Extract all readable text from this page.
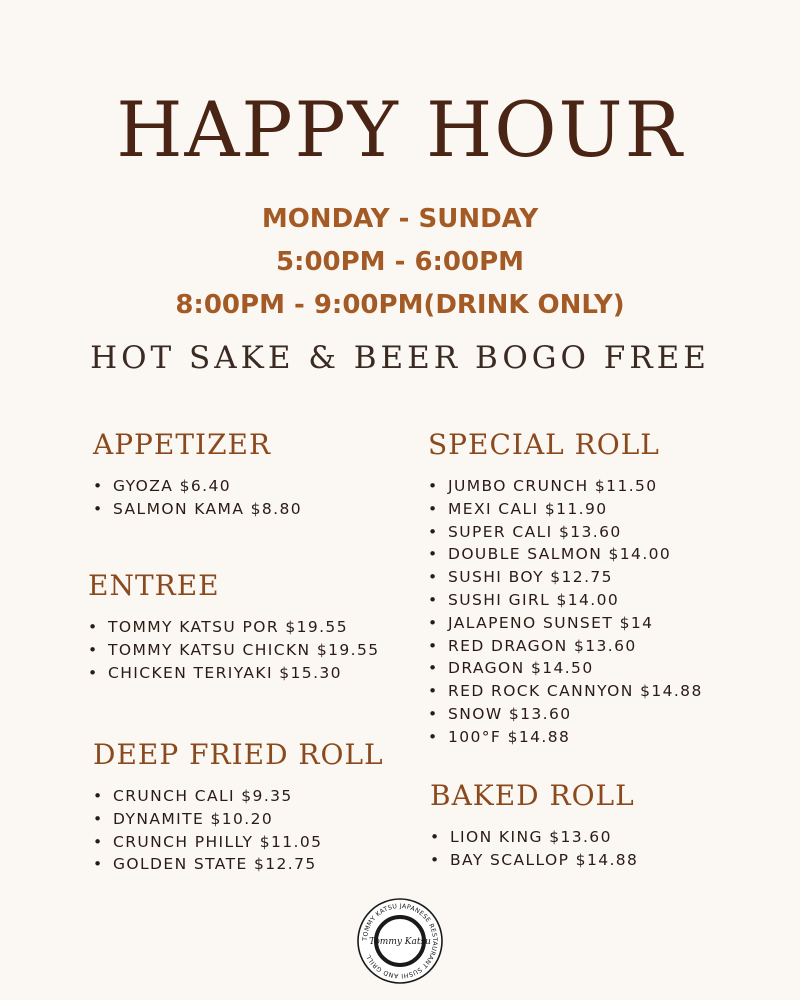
HAPPY HOUR
MONDAY - SUNDAY
5:00PM - 6:00PM
8:00PM - 9:00PM(DRINK ONLY)
HOT SAKE & BEER BOGO FREE
APPETIZER
• GYOZA $6.40
• SALMON KAMA $8.80
ENTREE
• TOMMY KATSU POR $19.55
• TOMMY KATSU CHICKN $19.55
• CHICKEN TERIYAKI $15.30
DEEP FRIED ROLL
• CRUNCH CALI $9.35
• DYNAMITE $10.20
• CRUNCH PHILLY $11.05
• GOLDEN STATE $12.75
SPECIAL ROLL
• JUMBO CRUNCH $11.50
• MEXI CALI $11.90
• SUPER CALI $13.60
• DOUBLE SALMON $14.00
• SUSHI BOY $12.75
• SUSHI GIRL $14.00
• JALAPENO SUNSET $14
• RED DRAGON $13.60
• DRAGON $14.50
• RED ROCK CANNYON $14.88
• SNOW $13.60
• 100°F $14.88
BAKED ROLL
• LION KING $13.60
• BAY SCALLOP $14.88
TOMMY KATSU JAPANESE RESTAURANT SUSHI AND GRILL
Tommy Katsu
